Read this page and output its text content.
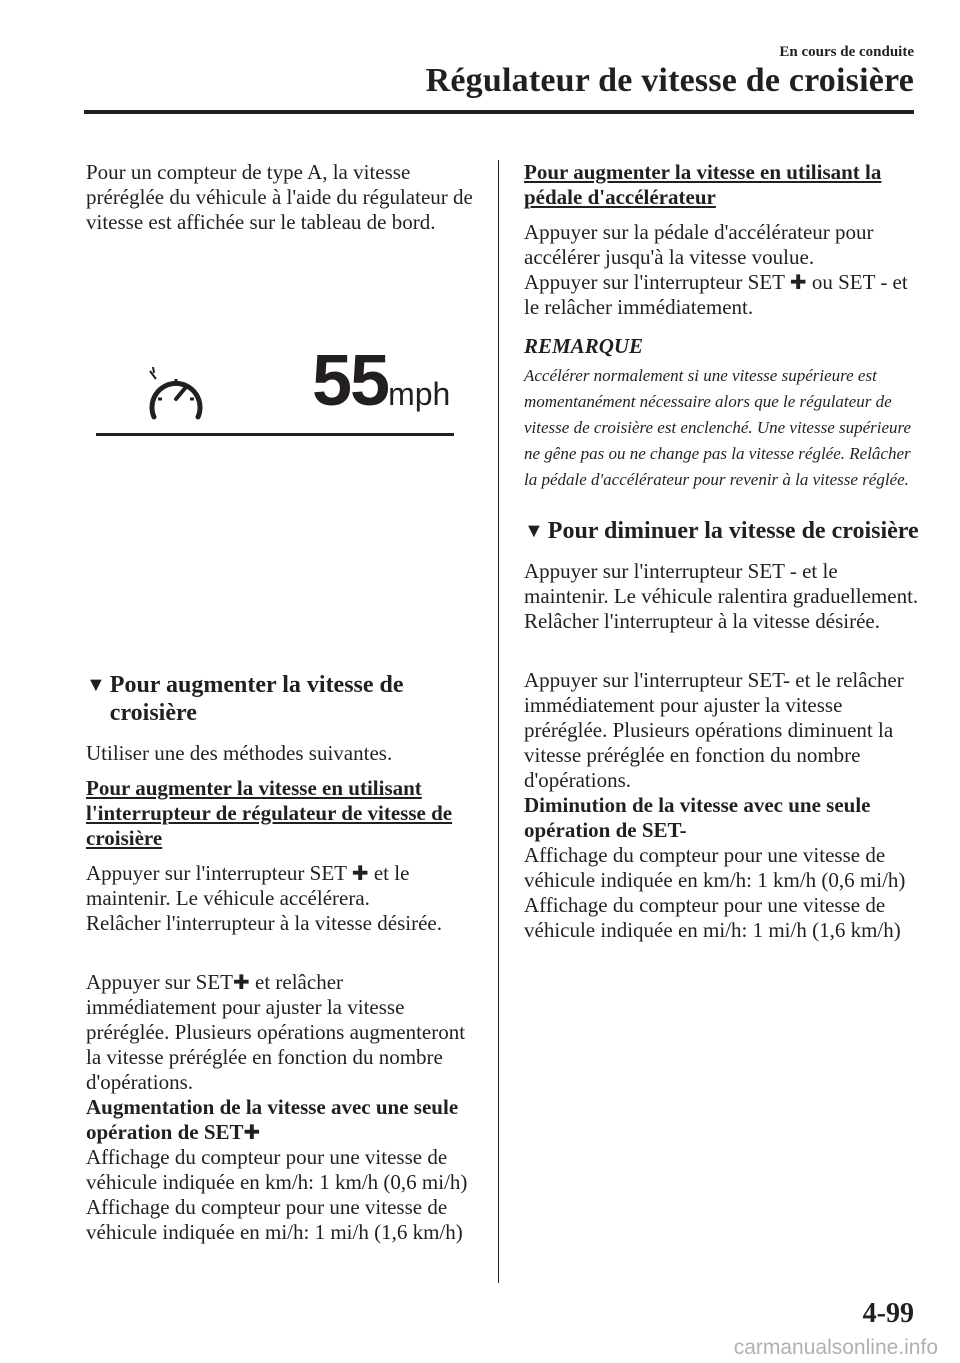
En cours de conduite
Régulateur de vitesse de croisière
Pour un compteur de type A, la vitesse préréglée du véhicule à l'aide du régulateur de vitesse est affichée sur le tableau de bord.
55mph
▼ Pour augmenter la vitesse de croisière
Utiliser une des méthodes suivantes.
Pour augmenter la vitesse en utilisant l'interrupteur de régulateur de vitesse de croisière
Appuyer sur l'interrupteur SET ✚ et le maintenir. Le véhicule accélérera.
Relâcher l'interrupteur à la vitesse désirée.
Appuyer sur SET✚ et relâcher immédiatement pour ajuster la vitesse préréglée. Plusieurs opérations augmenteront la vitesse préréglée en fonction du nombre d'opérations.
Augmentation de la vitesse avec une seule opération de SET✚
Affichage du compteur pour une vitesse de véhicule indiquée en km/h: 1 km/h (0,6 mi/h)
Affichage du compteur pour une vitesse de véhicule indiquée en mi/h: 1 mi/h (1,6 km/h)
Pour augmenter la vitesse en utilisant la pédale d'accélérateur
Appuyer sur la pédale d'accélérateur pour accélérer jusqu'à la vitesse voulue.
Appuyer sur l'interrupteur SET ✚ ou SET - et le relâcher immédiatement.
REMARQUE
Accélérer normalement si une vitesse supérieure est momentanément nécessaire alors que le régulateur de vitesse de croisière est enclenché. Une vitesse supérieure ne gêne pas ou ne change pas la vitesse réglée. Relâcher la pédale d'accélérateur pour revenir à la vitesse réglée.
▼ Pour diminuer la vitesse de croisière
Appuyer sur l'interrupteur SET - et le maintenir. Le véhicule ralentira graduellement.
Relâcher l'interrupteur à la vitesse désirée.
Appuyer sur l'interrupteur SET- et le relâcher immédiatement pour ajuster la vitesse préréglée. Plusieurs opérations diminuent la vitesse préréglée en fonction du nombre d'opérations.
Diminution de la vitesse avec une seule opération de SET-
Affichage du compteur pour une vitesse de véhicule indiquée en km/h: 1 km/h (0,6 mi/h)
Affichage du compteur pour une vitesse de véhicule indiquée en mi/h: 1 mi/h (1,6 km/h)
4-99
carmanualsonline.info
